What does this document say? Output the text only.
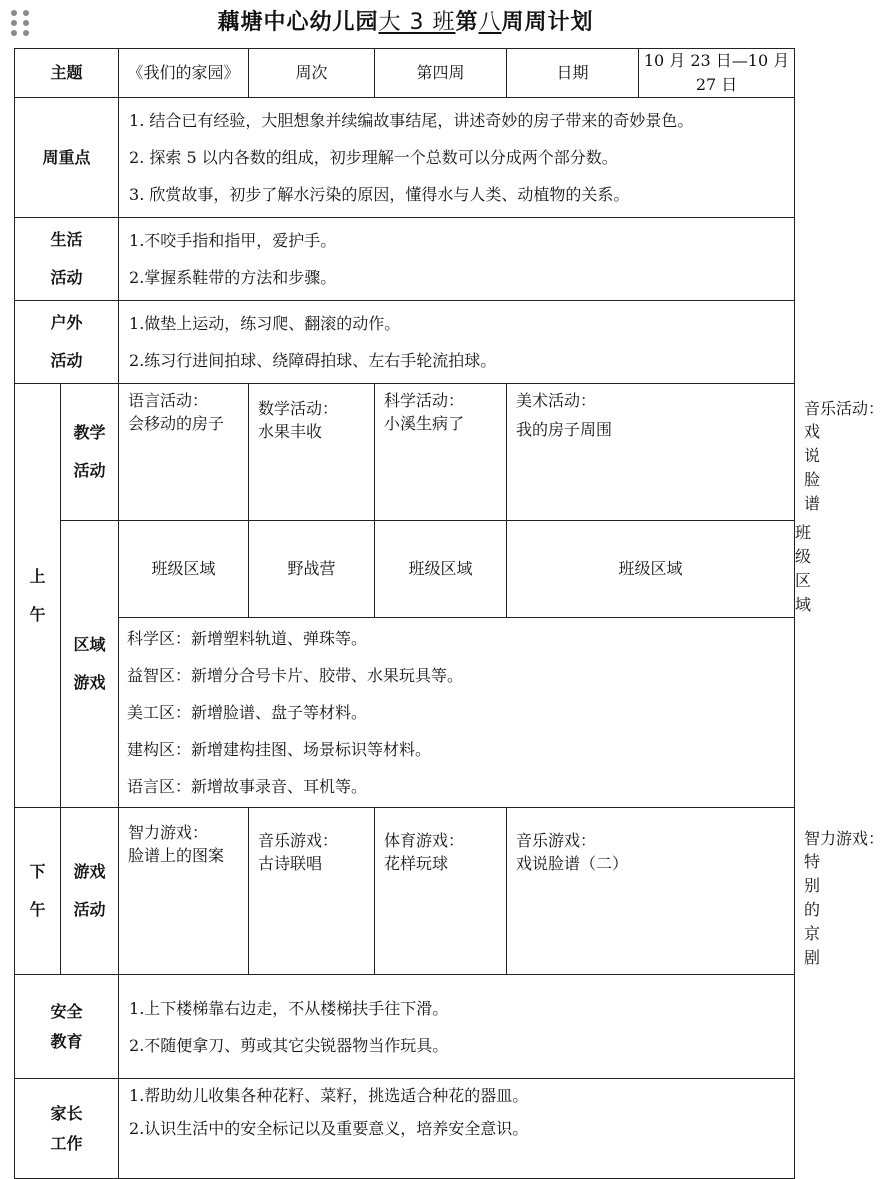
藕塘中心幼儿园大 3 班第八周周计划
主题		《我们的家园》	周次	第四周	日期	10 月 23 日—10 月 27 日	
周重点		1. 结合已有经验，大胆想象并续编故事结尾，讲述奇妙的房子带来的奇妙景色。
2. 探索 5 以内各数的组成，初步理解一个总数可以分成两个部分数。
3. 欣赏故事，初步了解水污染的原因，懂得水与人类、动植物的关系。					

生活
活动		1.不咬手指和指甲，爱护手。
2.掌握系鞋带的方法和步骤。					

户外
活动		1.做垫上运动，练习爬、翻滚的动作。
2.练习行进间拍球、绕障碍拍球、左右手轮流拍球。					

上
午	教学
活动	语言活动：
会移动的房子	数学活动：
水果丰收	科学活动：
小溪生病了	美术活动：
我的房子周围		音乐活动：
戏说脸谱

	区域
游戏	班级区域	野战营	班级区域	班级区域		班级区域

		科学区：新增塑料轨道、弹珠等。
益智区：新增分合号卡片、胶带、水果玩具等。
美工区：新增脸谱、盘子等材料。
建构区：新增建构挂图、场景标识等材料。
语言区：新增故事录音、耳机等。					

下
午	游戏
活动	智力游戏：
脸谱上的图案	音乐游戏：
古诗联唱	体育游戏：
花样玩球	音乐游戏：
戏说脸谱（二）		智力游戏：
特别的京剧

安全
教育		1.上下楼梯靠右边走，不从楼梯扶手往下滑。
2.不随便拿刀、剪或其它尖锐器物当作玩具。					

家长
工作		1.帮助幼儿收集各种花籽、菜籽，挑选适合种花的器皿。
2.认识生活中的安全标记以及重要意义，培养安全意识。					
